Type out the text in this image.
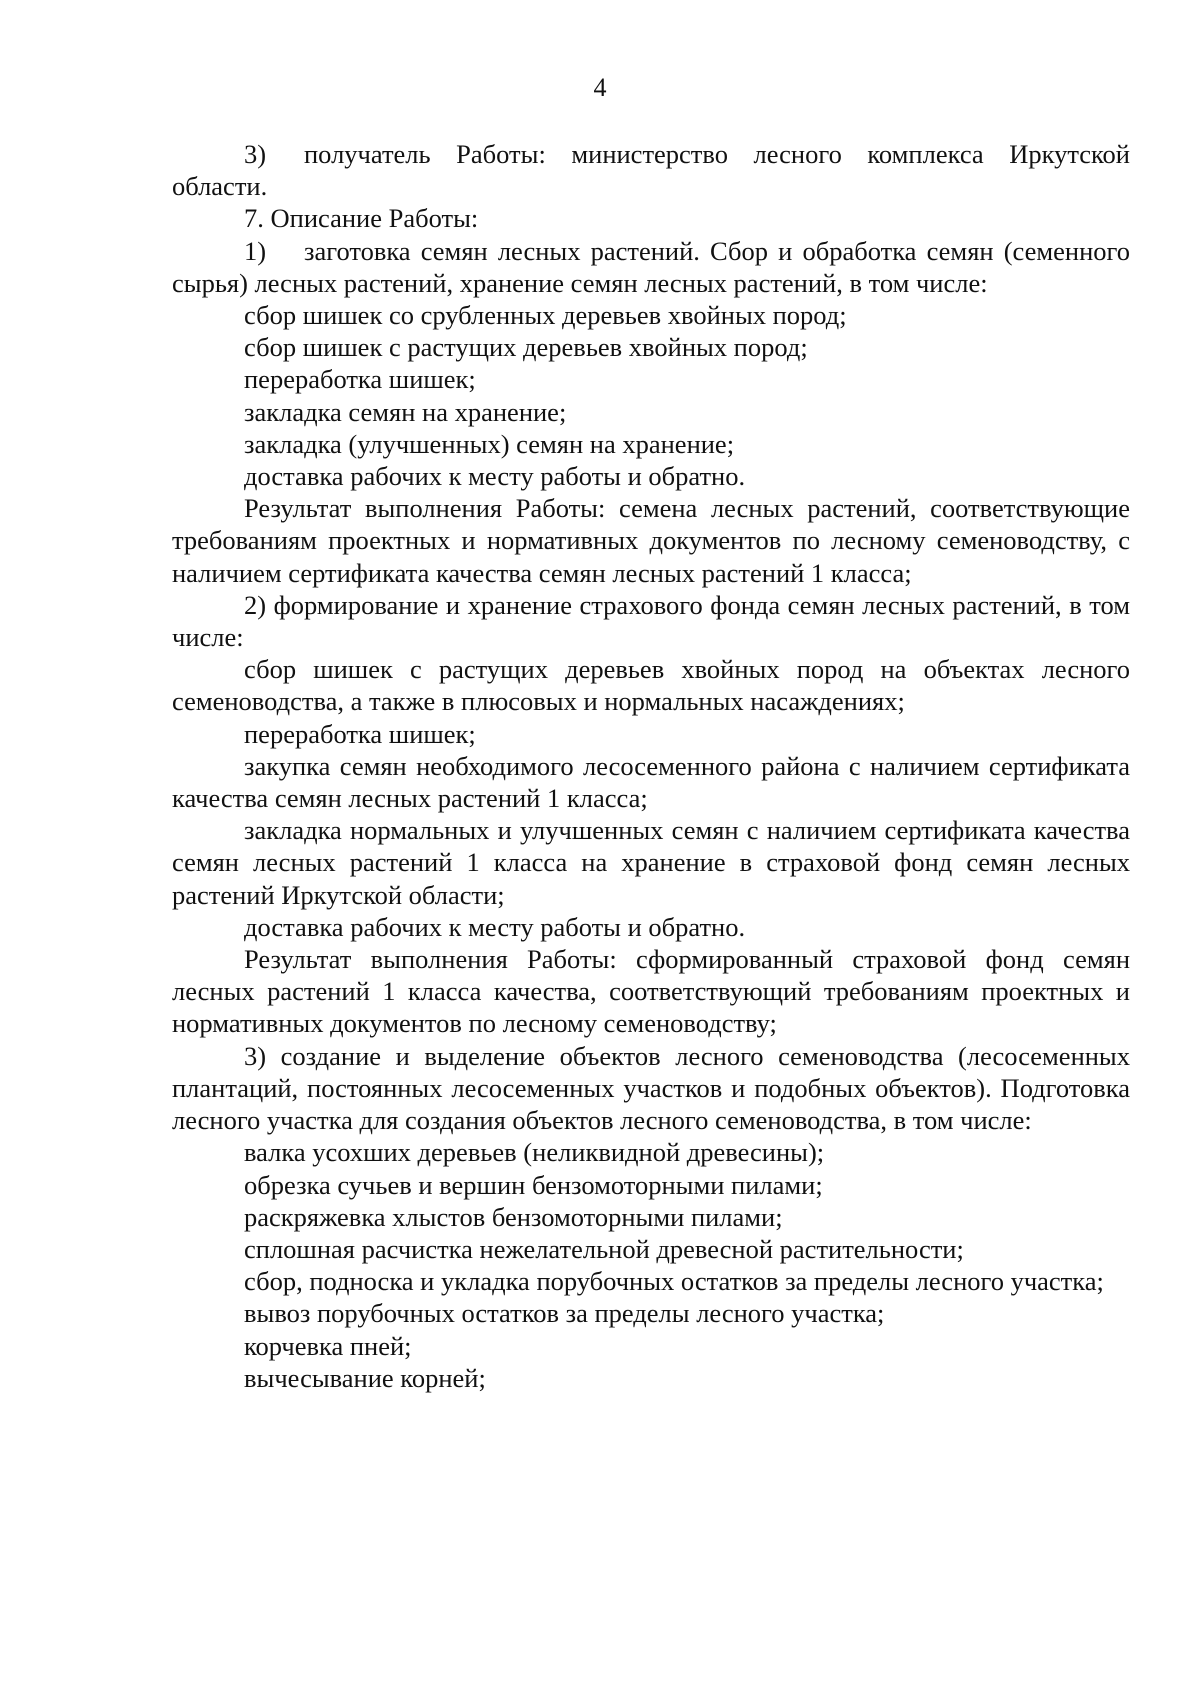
4

3) получатель Работы: министерство лесного комплекса Иркутской области.

7. Описание Работы:

1) заготовка семян лесных растений. Сбор и обработка семян (семенного сырья) лесных растений, хранение семян лесных растений, в том числе:

сбор шишек со срубленных деревьев хвойных пород;

сбор шишек с растущих деревьев хвойных пород;

переработка шишек;

закладка семян на хранение;

закладка (улучшенных) семян на хранение;

доставка рабочих к месту работы и обратно.

Результат выполнения Работы: семена лесных растений, соответствующие требованиям проектных и нормативных документов по лесному семеноводству, с наличием сертификата качества семян лесных растений 1 класса;

2) формирование и хранение страхового фонда семян лесных растений, в том числе:

сбор шишек с растущих деревьев хвойных пород на объектах лесного семеноводства, а также в плюсовых и нормальных насаждениях;

переработка шишек;

закупка семян необходимого лесосеменного района с наличием сертификата качества семян лесных растений 1 класса;

закладка нормальных и улучшенных семян с наличием сертификата качества семян лесных растений 1 класса на хранение в страховой фонд семян лесных растений Иркутской области;

доставка рабочих к месту работы и обратно.

Результат выполнения Работы: сформированный страховой фонд семян лесных растений 1 класса качества, соответствующий требованиям проектных и нормативных документов по лесному семеноводству;

3) создание и выделение объектов лесного семеноводства (лесосеменных плантаций, постоянных лесосеменных участков и подобных объектов). Подготовка лесного участка для создания объектов лесного семеноводства, в том числе:

валка усохших деревьев (неликвидной древесины);

обрезка сучьев и вершин бензомоторными пилами;

раскряжевка хлыстов бензомоторными пилами;

сплошная расчистка нежелательной древесной растительности;

сбор, подноска и укладка порубочных остатков за пределы лесного участка;

вывоз порубочных остатков за пределы лесного участка;

корчевка пней;

вычесывание корней;
